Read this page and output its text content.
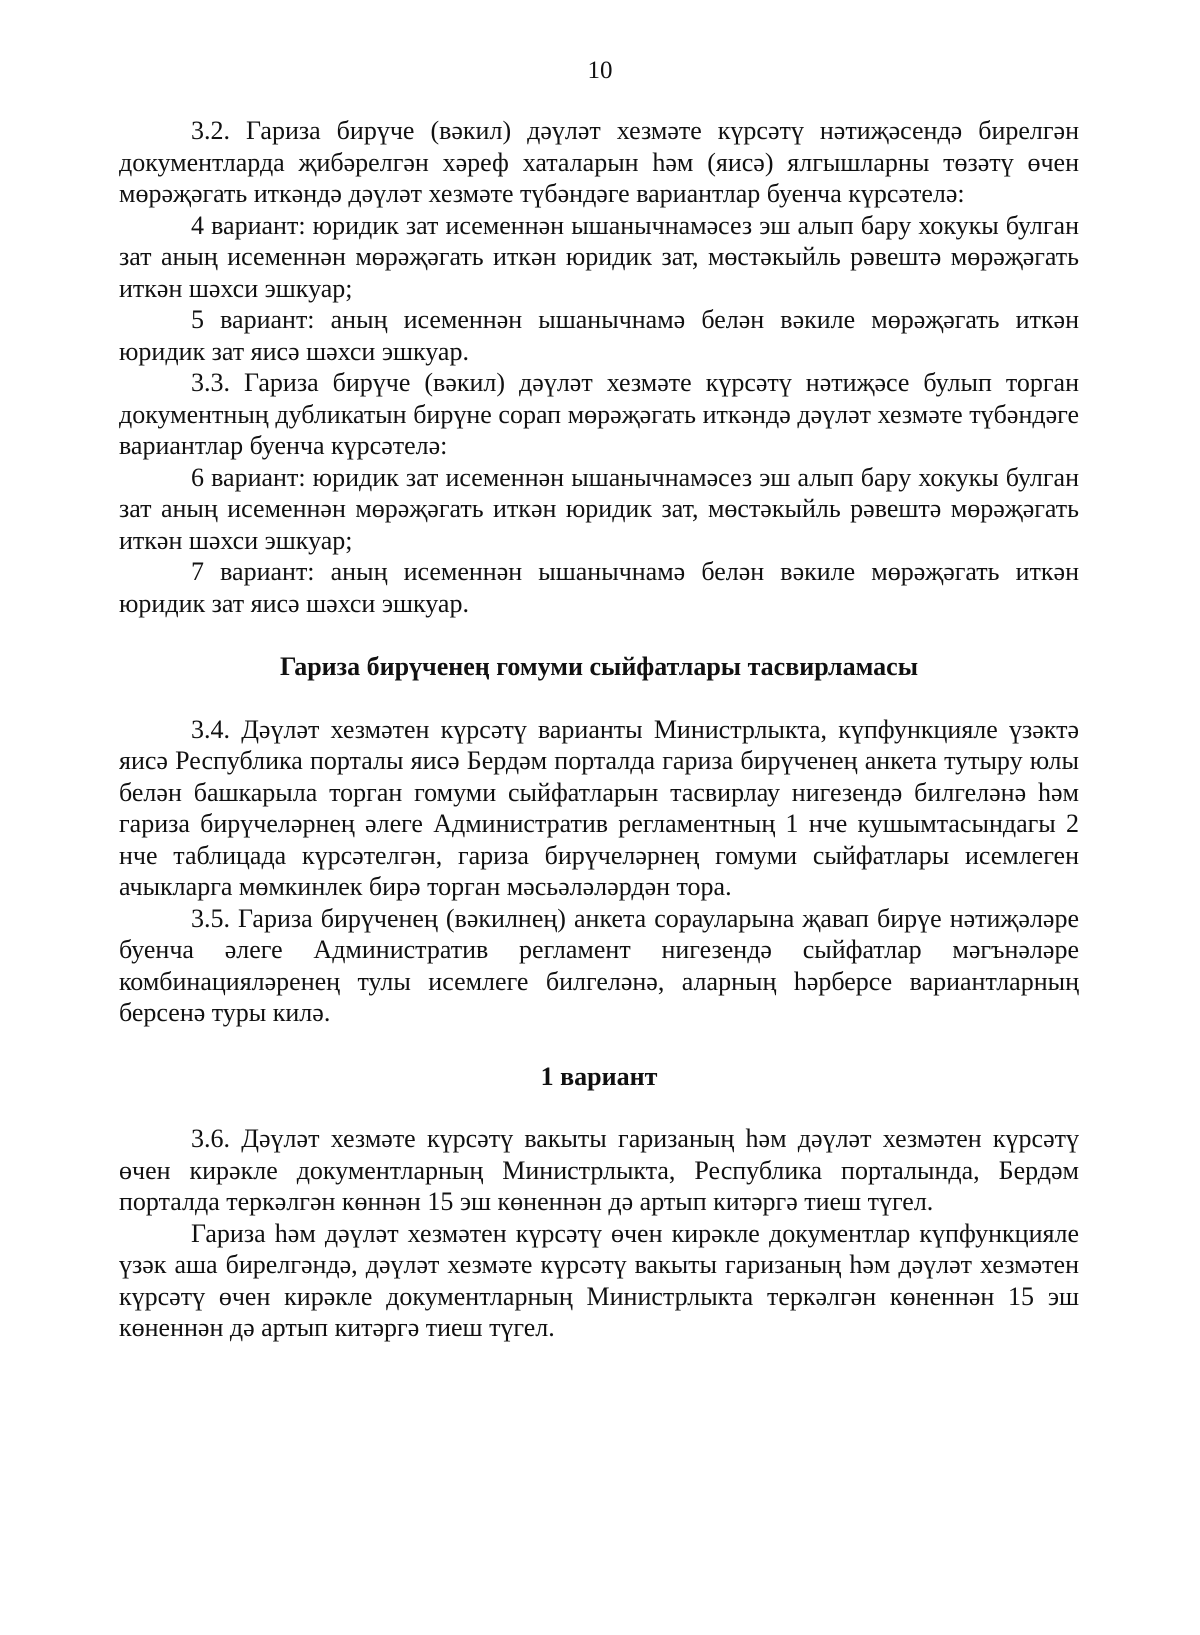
10

3.2. Гариза бирүче (вәкил) дәүләт хезмәте күрсәтү нәтиҗәсендә бирелгән документларда җибәрелгән хәреф хаталарын һәм (яисә) ялгышларны төзәтү өчен мөрәҗәгать иткәндә дәүләт хезмәте түбәндәге вариантлар буенча күрсәтелә:

4 вариант: юридик зат исеменнән ышанычнамәсез эш алып бару хокукы булган зат аның исеменнән мөрәҗәгать иткән юридик зат, мөстәкыйль рәвештә мөрәҗәгать иткән шәхси эшкуар;

5 вариант: аның исеменнән ышанычнамә белән вәкиле мөрәҗәгать иткән юридик зат яисә шәхси эшкуар.

3.3. Гариза бирүче (вәкил) дәүләт хезмәте күрсәтү нәтиҗәсе булып торган документның дубликатын бирүне сорап мөрәҗәгать иткәндә дәүләт хезмәте түбәндәге вариантлар буенча күрсәтелә:

6 вариант: юридик зат исеменнән ышанычнамәсез эш алып бару хокукы булган зат аның исеменнән мөрәҗәгать иткән юридик зат, мөстәкыйль рәвештә мөрәҗәгать иткән шәхси эшкуар;

7 вариант: аның исеменнән ышанычнамә белән вәкиле мөрәҗәгать иткән юридик зат яисә шәхси эшкуар.

Гариза бирүченең гомуми сыйфатлары тасвирламасы

3.4. Дәүләт хезмәтен күрсәтү варианты Министрлыкта, күпфункцияле үзәктә яисә Республика порталы яисә Бердәм порталда гариза бирүченең анкета тутыру юлы белән башкарыла торган гомуми сыйфатларын тасвирлау нигезендә билгеләнә һәм гариза бирүчеләрнең әлеге Административ регламентның 1 нче кушымтасындагы 2 нче таблицада күрсәтелгән, гариза бирүчеләрнең гомуми сыйфатлары исемлеген ачыкларга мөмкинлек бирә торган мәсьәләләрдән тора.

3.5. Гариза бирүченең (вәкилнең) анкета сорауларына җавап бирүе нәтиҗәләре буенча әлеге Административ регламент нигезендә сыйфатлар мәгънәләре комбинацияләренең тулы исемлеге билгеләнә, аларның һәрберсе вариантларның берсенә туры килә.

1 вариант

3.6. Дәүләт хезмәте күрсәтү вакыты гаризаның һәм дәүләт хезмәтен күрсәтү өчен кирәкле документларның Министрлыкта, Республика порталында, Бердәм порталда теркәлгән көннән 15 эш көненнән дә артып китәргә тиеш түгел.

Гариза һәм дәүләт хезмәтен күрсәтү өчен кирәкле документлар күпфункцияле үзәк аша бирелгәндә, дәүләт хезмәте күрсәтү вакыты гаризаның һәм дәүләт хезмәтен күрсәтү өчен кирәкле документларның Министрлыкта теркәлгән көненнән 15 эш көненнән дә артып китәргә тиеш түгел.
